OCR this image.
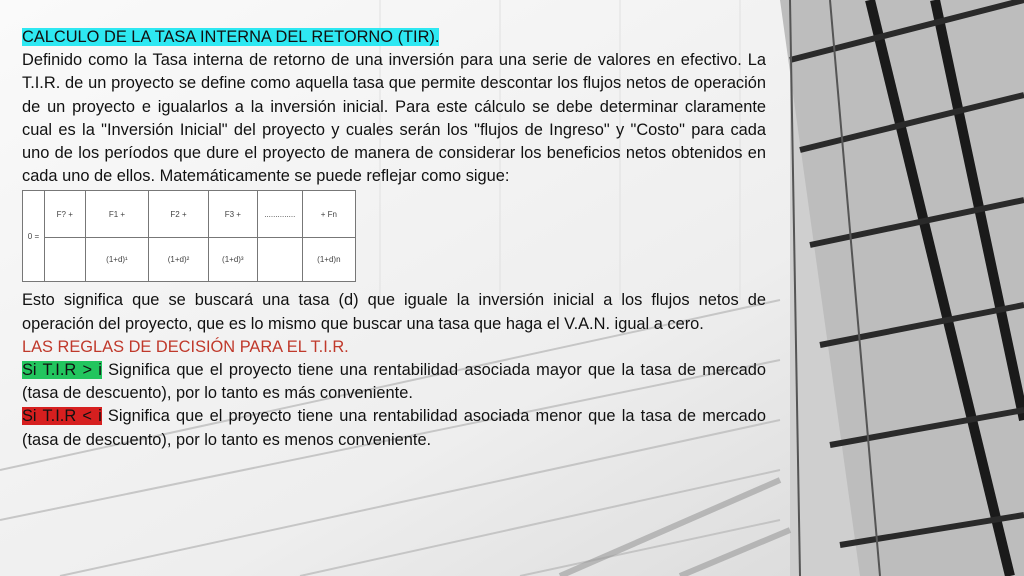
CALCULO DE LA TASA INTERNA DEL RETORNO (TIR).

Definido como la Tasa interna de retorno de una inversión para una serie de valores en efectivo. La T.I.R. de un proyecto se define como aquella tasa que permite descontar los flujos netos de operación de un proyecto e igualarlos a la inversión inicial. Para este cálculo se debe determinar claramente cual es la "Inversión Inicial" del proyecto y cuales serán los "flujos de Ingreso" y "Costo" para cada uno de los períodos que dure el proyecto de manera de considerar los beneficios netos obtenidos en cada uno de ellos. Matemáticamente se puede reflejar como sigue:

0 =	F? +	F1 +	F2 +	F3 +	..............	+ Fn
		(1+d)¹	(1+d)²	(1+d)³		(1+d)n

Esto significa que se buscará una tasa (d) que iguale la inversión inicial a los flujos netos de operación del proyecto, que es lo mismo que buscar una tasa que haga el V.A.N. igual a cero.

LAS REGLAS DE DECISIÓN PARA EL T.I.R.

Si T.I.R > i Significa que el proyecto tiene una rentabilidad asociada mayor que la tasa de mercado (tasa de descuento), por lo tanto es más conveniente.

Si T.I.R < i Significa que el proyecto tiene una rentabilidad asociada menor que la tasa de mercado (tasa de descuento), por lo tanto es menos conveniente.
